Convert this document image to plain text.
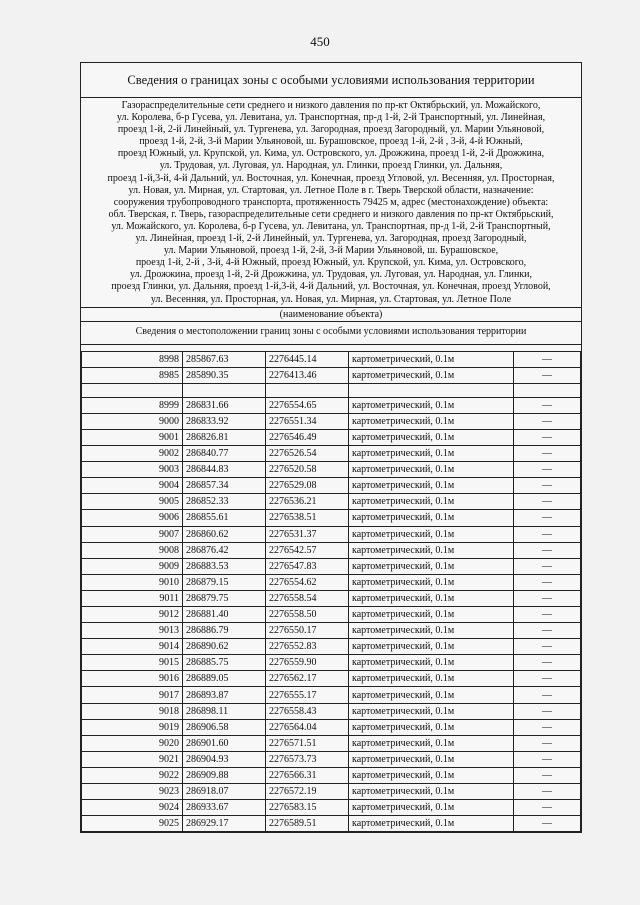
450
Сведения о границах зоны с особыми условиями использования территории
Газораспределительные сети среднего и низкого давления по пр-кт Октябрьский, ул. Можайского,
ул. Королева, б-р Гусева, ул. Левитана, ул. Транспортная, пр-д 1-й, 2-й Транспортный, ул. Линейная,
проезд 1-й, 2-й Линейный, ул. Тургенева, ул. Загородная, проезд Загородный, ул. Марии Ульяновой,
проезд 1-й, 2-й, 3-й Марии Ульяновой, ш. Бурашовское, проезд 1-й, 2-й , 3-й, 4-й Южный,
проезд Южный, ул. Крупской, ул. Кима, ул. Островского, ул. Дрожжина, проезд 1-й, 2-й Дрожжина,
ул. Трудовая, ул. Луговая, ул. Народная, ул. Глинки, проезд Глинки, ул. Дальняя,
проезд 1-й,3-й, 4-й Дальний, ул. Восточная, ул. Конечная, проезд Угловой, ул. Весенняя, ул. Просторная,
ул. Новая, ул. Мирная, ул. Стартовая, ул. Летное Поле в г. Тверь Тверской области, назначение:
сооружения трубопроводного транспорта, протяженность 79425 м, адрес (местонахождение) объекта:
обл. Тверская, г. Тверь, газораспределительные сети среднего и низкого давления по пр-кт Октябрьский,
ул. Можайского, ул. Королева, б-р Гусева, ул. Левитана, ул. Транспортная, пр-д 1-й, 2-й Транспортный,
ул. Линейная, проезд 1-й, 2-й Линейный, ул. Тургенева, ул. Загородная, проезд Загородный,
ул. Марии Ульяновой, проезд 1-й, 2-й, 3-й Марии Ульяновой, ш. Бурашовское,
проезд 1-й, 2-й , 3-й, 4-й Южный, проезд Южный, ул. Крупской, ул. Кима, ул. Островского,
ул. Дрожжина, проезд 1-й, 2-й Дрожжина, ул. Трудовая, ул. Луговая, ул. Народная, ул. Глинки,
проезд Глинки, ул. Дальняя, проезд 1-й,3-й, 4-й Дальний, ул. Восточная, ул. Конечная, проезд Угловой,
ул. Весенняя, ул. Просторная, ул. Новая, ул. Мирная, ул. Стартовая, ул. Летное Поле
(наименование объекта)
Сведения о местоположении границ зоны с особыми условиями использования территории
8998	285867.63	2276445.14	картометрический, 0.1м	—
8985	285890.35	2276413.46	картометрический, 0.1м	—

8999	286831.66	2276554.65	картометрический, 0.1м	—
9000	286833.92	2276551.34	картометрический, 0.1м	—
9001	286826.81	2276546.49	картометрический, 0.1м	—
9002	286840.77	2276526.54	картометрический, 0.1м	—
9003	286844.83	2276520.58	картометрический, 0.1м	—
9004	286857.34	2276529.08	картометрический, 0.1м	—
9005	286852.33	2276536.21	картометрический, 0.1м	—
9006	286855.61	2276538.51	картометрический, 0.1м	—
9007	286860.62	2276531.37	картометрический, 0.1м	—
9008	286876.42	2276542.57	картометрический, 0.1м	—
9009	286883.53	2276547.83	картометрический, 0.1м	—
9010	286879.15	2276554.62	картометрический, 0.1м	—
9011	286879.75	2276558.54	картометрический, 0.1м	—
9012	286881.40	2276558.50	картометрический, 0.1м	—
9013	286886.79	2276550.17	картометрический, 0.1м	—
9014	286890.62	2276552.83	картометрический, 0.1м	—
9015	286885.75	2276559.90	картометрический, 0.1м	—
9016	286889.05	2276562.17	картометрический, 0.1м	—
9017	286893.87	2276555.17	картометрический, 0.1м	—
9018	286898.11	2276558.43	картометрический, 0.1м	—
9019	286906.58	2276564.04	картометрический, 0.1м	—
9020	286901.60	2276571.51	картометрический, 0.1м	—
9021	286904.93	2276573.73	картометрический, 0.1м	—
9022	286909.88	2276566.31	картометрический, 0.1м	—
9023	286918.07	2276572.19	картометрический, 0.1м	—
9024	286933.67	2276583.15	картометрический, 0.1м	—
9025	286929.17	2276589.51	картометрический, 0.1м	—
